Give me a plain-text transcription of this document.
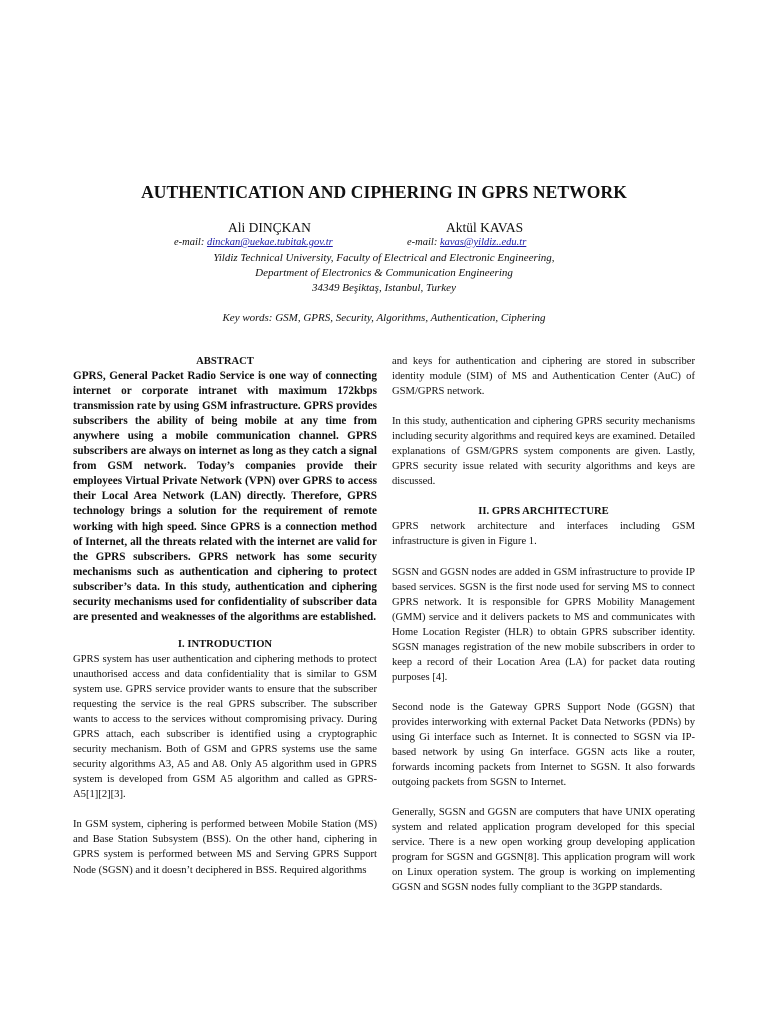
AUTHENTICATION AND CIPHERING IN GPRS NETWORK
Ali DINÇKAN	Aktül KAVAS
e-mail: dinckan@uekae.tubitak.gov.tr	e-mail: kavas@yildiz..edu.tr
Yildiz Technical University, Faculty of Electrical and Electronic Engineering,
Department of Electronics & Communication Engineering
34349 Beşiktaş, Istanbul, Turkey
Key words: GSM, GPRS, Security, Algorithms, Authentication, Ciphering
ABSTRACT

GPRS, General Packet Radio Service is one way of connecting internet or corporate intranet with maximum 172kbps transmission rate by using GSM infrastructure. GPRS provides subscribers the ability of being mobile at any time from anywhere using a mobile communication channel. GPRS subscribers are always on internet as long as they catch a signal from GSM network. Today’s companies provide their employees Virtual Private Network (VPN) over GPRS to access their Local Area Network (LAN) directly. Therefore, GPRS technology brings a solution for the requirement of remote working with high speed. Since GPRS is a connection method of Internet, all the threats related with the internet are valid for the GPRS subscribers. GPRS network has some security mechanisms such as authentication and ciphering to protect subscriber’s data. In this study, authentication and ciphering security mechanisms used for confidentiality of subscriber data are presented and weaknesses of the algorithms are established.

I. INTRODUCTION

GPRS system has user authentication and ciphering methods to protect unauthorised access and data confidentiality that is similar to GSM system use. GPRS service provider wants to ensure that the subscriber requesting the service is the real GPRS subscriber. The subscriber wants to access to the services without compromising privacy. During GPRS attach, each subscriber is identified using a cryptographic security mechanism. Both of GSM and GPRS systems use the same security algorithms A3, A5 and A8. Only A5 algorithm used in GPRS system is developed from GSM A5 algorithm and called as GPRS-A5[1][2][3].

In GSM system, ciphering is performed between Mobile Station (MS) and Base Station Subsystem (BSS). On the other hand, ciphering in GPRS system is performed between MS and Serving GPRS Support Node (SGSN) and it doesn’t deciphered in BSS. Required algorithms

and keys for authentication and ciphering are stored in subscriber identity module (SIM) of MS and Authentication Center (AuC) of GSM/GPRS network.

In this study, authentication and ciphering GPRS security mechanisms including security algorithms and required keys are examined. Detailed explanations of GSM/GPRS system components are given. Lastly, GPRS security issue related with security algorithms and keys are discussed.

II. GPRS ARCHITECTURE

GPRS network architecture and interfaces including GSM infrastructure is given in Figure 1.

SGSN and GGSN nodes are added in GSM infrastructure to provide IP based services. SGSN is the first node used for serving MS to connect GPRS network. It is responsible for GPRS Mobility Management (GMM) service and it delivers packets to MS and communicates with Home Location Register (HLR) to obtain GPRS subscriber identity. SGSN manages registration of the new mobile subscribers in order to keep a record of their Location Area (LA) for packet data routing purposes [4].

Second node is the Gateway GPRS Support Node (GGSN) that provides interworking with external Packet Data Networks (PDNs) by using Gi interface such as Internet. It is connected to SGSN via IP-based network by using Gn interface. GGSN acts like a router, forwards incoming packets from Internet to SGSN. It also forwards outgoing packets from SGSN to Internet.

Generally, SGSN and GGSN are computers that have UNIX operating system and related application program developed for this special service. There is a new open working group developing application program for SGSN and GGSN[8]. This application program will work on Linux operation system. The group is working on implementing GGSN and SGSN nodes fully compliant to the 3GPP standards.
